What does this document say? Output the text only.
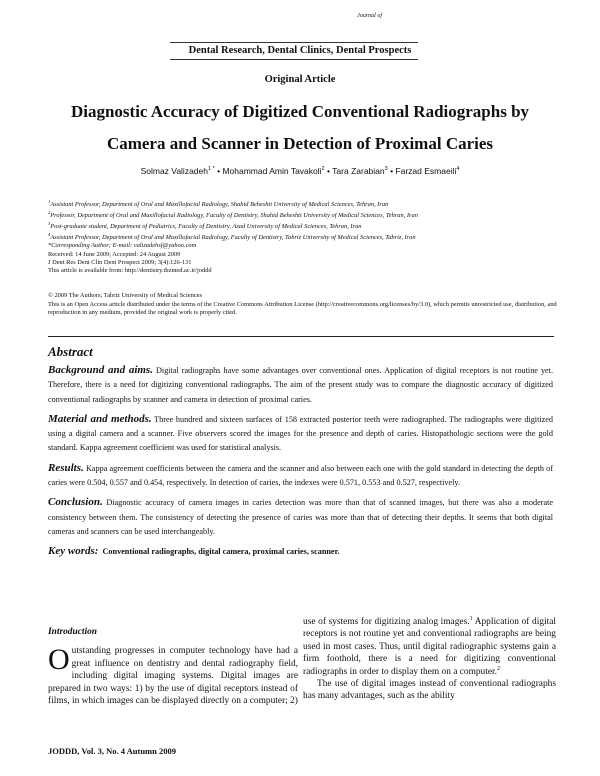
Journal of
Dental Research, Dental Clinics, Dental Prospects
Original Article
Diagnostic Accuracy of Digitized Conventional Radiographs by Camera and Scanner in Detection of Proximal Caries
Solmaz Valizadeh$^{1 *}$ • Mohammad Amin Tavakoli$^2$ • Tara Zarabian$^3$ • Farzad Esmaeili$^4$
$^1$Assistant Professor, Department of Oral and Maxillofacial Radiology, Shahid Beheshti University of Medical Sciences, Tehran, Iran
$^2$Professor, Department of Oral and Maxillofacial Radiology, Faculty of Dentistry, Shahid Beheshti University of Medical Sciences, Tehran, Iran
$^3$Post-graduate student, Department of Pediatrics, Faculty of Dentistry, Azad University of Medical Sciences, Tehran, Iran
$^4$Assistant Professor, Department of Oral and Maxillofacial Radiology, Faculty of Dentistry, Tabriz University of Medical Sciences, Tabriz, Iran
*Corresponding Author; E-mail: valizadehsf@yahoo.com
Received: 14 June 2009; Accepted: 24 August 2009
J Dent Res Dent Clin Dent Prospect 2009; 3(4):126-131
This article is available from: http://dentistry.tbzmed.ac.ir/joddd
© 2009 The Authors; Tabriz University of Medical Sciences
This is an Open Access article distributed under the terms of the Creative Commons Attribution License (http://creativecommons.org/licenses/by/3.0), which permits unrestricted use, distribution, and reproduction in any medium, provided the original work is properly cited.
Abstract

Background and aims. Digital radiographs have some advantages over conventional ones. Application of digital receptors is not routine yet. Therefore, there is a need for digitizing conventional radiographs. The aim of the present study was to compare the diagnostic accuracy of digitized conventional radiographs by scanner and camera in detection of proximal caries.

Material and methods. Three hundred and sixteen surfaces of 158 extracted posterior teeth were radiographed. The radiographs were digitized using a digital camera and a scanner. Five observers scored the images for the presence and depth of caries. Histopathologic sections were the gold standard. Kappa agreement coefficient was used for statistical analysis.

Results. Kappa agreement coefficients between the camera and the scanner and also between each one with the gold standard in detecting the depth of caries were 0.504, 0.557 and 0.454, respectively. In detection of caries, the indexes were 0.571, 0.553 and 0.527, respectively.

Conclusion. Diagnostic accuracy of camera images in caries detection was more than that of scanned images, but there was also a moderate consistency between them. The consistency of detecting the presence of caries was more than that of detecting their depths. It seems that both digital cameras and scanners can be used interchangeably.

Key words: Conventional radiographs, digital camera, proximal caries, scanner.

Introduction

Outstanding progresses in computer technology have had a great influence on dentistry and dental radiography field, including digital imaging systems. Digital images are prepared in two ways: 1) by the use of digital receptors instead of films, in which images can be displayed directly on a computer; 2)

use of systems for digitizing analog images.$^1$ Application of digital receptors is not routine yet and conventional radiographs are being used in most cases. Thus, until digital radiographic systems gain a firm foothold, there is a need for digitizing conventional radiographs in order to display them on a computer.$^2$

The use of digital images instead of conventional radiographs has many advantages, such as the ability

JODDD, Vol. 3, No. 4 Autumn 2009
